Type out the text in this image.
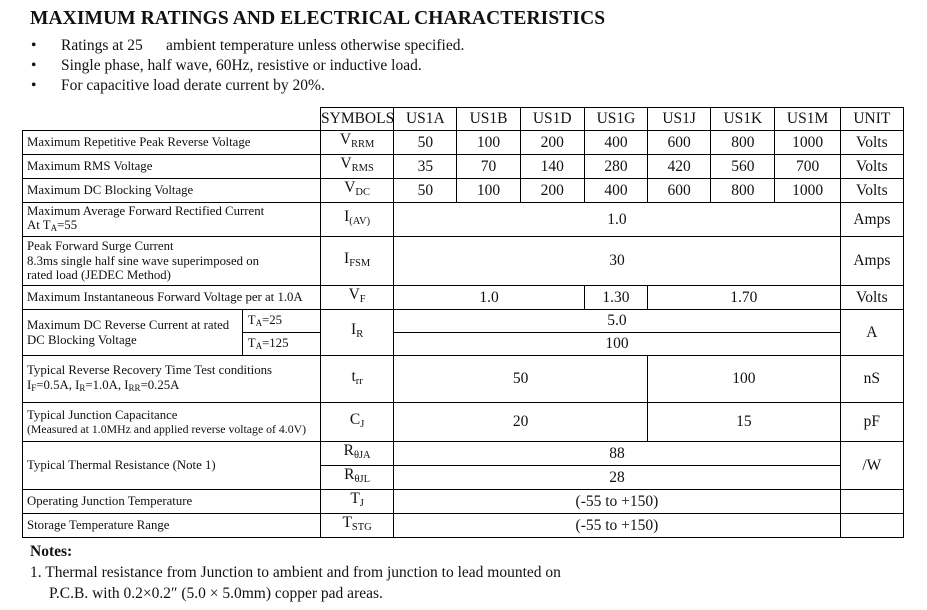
MAXIMUM RATINGS AND ELECTRICAL CHARACTERISTICS
• Ratings at 25      ambient temperature unless otherwise specified.
• Single phase, half wave, 60Hz, resistive or inductive load.
• For capacitive load derate current by 20%.
		SYMBOLS	US1A	US1B	US1D	US1G	US1J	US1K	US1M	UNIT
Maximum Repetitive Peak Reverse Voltage		VRRM	50	100	200	400	600	800	1000	Volts
Maximum RMS Voltage		VRMS	35	70	140	280	420	560	700	Volts
Maximum DC Blocking Voltage		VDC	50	100	200	400	600	800	1000	Volts

Maximum Average Forward Rectified Current
At $T_A=55$		I(AV)	1.0							Amps

Peak Forward Surge Current
8.3ms single half sine wave superimposed on
rated load (JEDEC Method)		IFSM	30							Amps
Maximum Instantaneous Forward Voltage per at 1.0A		VF	1.0			1.30	1.70			Volts

Maximum DC Reverse Current at rated
DC Blocking Voltage	$T_A=25$	IR	5.0							A
	$T_A=125$		100							

Typical Reverse Recovery Time Test conditions
$I_F=0.5A$, $I_R=1.0A$, $I_{RR}=0.25A$		trr	50				100			nS

Typical Junction Capacitance
(Measured at 1.0MHz and applied reverse voltage of 4.0V)		CJ	20				15			pF
Typical Thermal Resistance (Note 1)		RθJA	88							/W
		RθJL	28							
Operating Junction Temperature		TJ	(-55 to +150)							
Storage Temperature Range		TSTG	(-55 to +150)							
Notes:
1. Thermal resistance from Junction to ambient and from junction to lead mounted on
P.C.B. with 0.2×0.2″ (5.0 × 5.0mm) copper pad areas.
